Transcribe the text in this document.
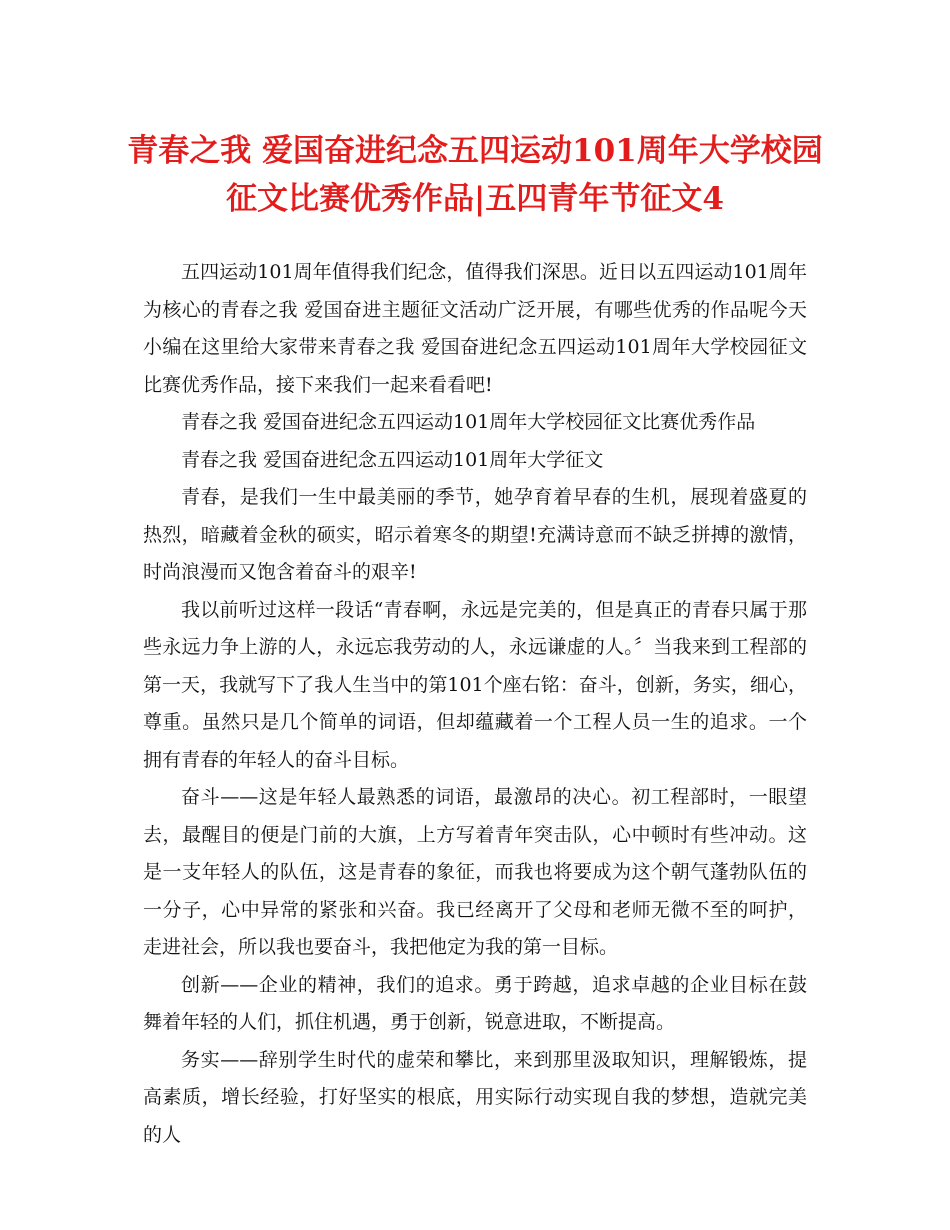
青春之我 爱国奋进纪念五四运动101周年大学校园征文比赛优秀作品|五四青年节征文4

五四运动101周年值得我们纪念，值得我们深思。近日以五四运动101周年为核心的青春之我 爱国奋进主题征文活动广泛开展，有哪些优秀的作品呢今天小编在这里给大家带来青春之我 爱国奋进纪念五四运动101周年大学校园征文比赛优秀作品，接下来我们一起来看看吧!

青春之我 爱国奋进纪念五四运动101周年大学校园征文比赛优秀作品

青春之我 爱国奋进纪念五四运动101周年大学征文

青春，是我们一生中最美丽的季节，她孕育着早春的生机，展现着盛夏的热烈，暗藏着金秋的硕实，昭示着寒冬的期望!充满诗意而不缺乏拼搏的激情，时尚浪漫而又饱含着奋斗的艰辛!

我以前听过这样一段话“青春啊，永远是完美的，但是真正的青春只属于那些永远力争上游的人，永远忘我劳动的人，永远谦虚的人。〞当我来到工程部的第一天，我就写下了我人生当中的第101个座右铭：奋斗，创新，务实，细心，尊重。虽然只是几个简单的词语，但却蕴藏着一个工程人员一生的追求。一个拥有青春的年轻人的奋斗目标。

奋斗——这是年轻人最熟悉的词语，最激昂的决心。初工程部时，一眼望去，最醒目的便是门前的大旗，上方写着青年突击队，心中顿时有些冲动。这是一支年轻人的队伍，这是青春的象征，而我也将要成为这个朝气蓬勃队伍的一分子，心中异常的紧张和兴奋。我已经离开了父母和老师无微不至的呵护，走进社会，所以我也要奋斗，我把他定为我的第一目标。

创新——企业的精神，我们的追求。勇于跨越，追求卓越的企业目标在鼓舞着年轻的人们，抓住机遇，勇于创新，锐意进取，不断提高。

务实——辞别学生时代的虚荣和攀比，来到那里汲取知识，理解锻炼，提高素质，增长经验，打好坚实的根底，用实际行动实现自我的梦想，造就完美的人
